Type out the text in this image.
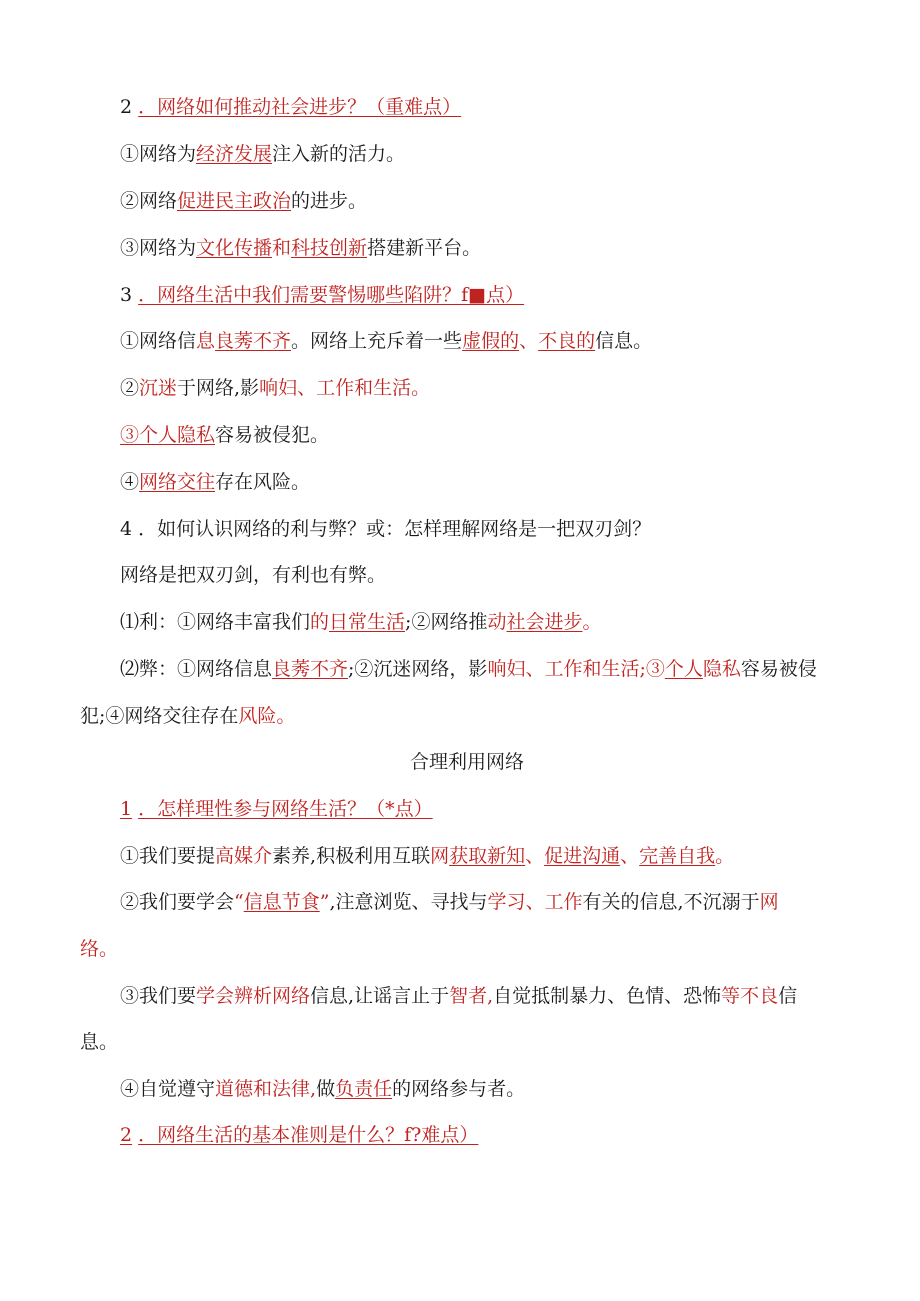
2 ．网络如何推动社会进步？（重难点）
①网络为经济发展注入新的活力。
②网络促进民主政治的进步。
③网络为文化传播和科技创新搭建新平台。
3 ．网络生活中我们需要警惕哪些陷阱？f■点）
①网络信息良莠不齐。网络上充斥着一些虚假的、不良的信息。
②沉迷于网络,影响妇、工作和生活。
③个人隐私容易被侵犯。
④网络交往存在风险。
4 ．如何认识网络的利与弊？或：怎样理解网络是一把双刃剑？
网络是把双刃剑，有利也有弊。
⑴利：①网络丰富我们的日常生活;②网络推动社会进步。
⑵弊：①网络信息良莠不齐;②沉迷网络，影响妇、工作和生活;③个人隐私容易被侵
犯;④网络交往存在风险。
合理利用网络
1 ．怎样理性参与网络生活？（*点）
①我们要提高媒介素养,积极利用互联网获取新知、促进沟通、完善自我。
②我们要学会“信息节食”,注意浏览、寻找与学习、工作有关的信息,不沉溺于网
络。
③我们要学会辨析网络信息,让谣言止于智者,自觉抵制暴力、色情、恐怖等不良信
息。
④自觉遵守道德和法律,做负责任的网络参与者。
2 ．网络生活的基本准则是什么？f?难点）
